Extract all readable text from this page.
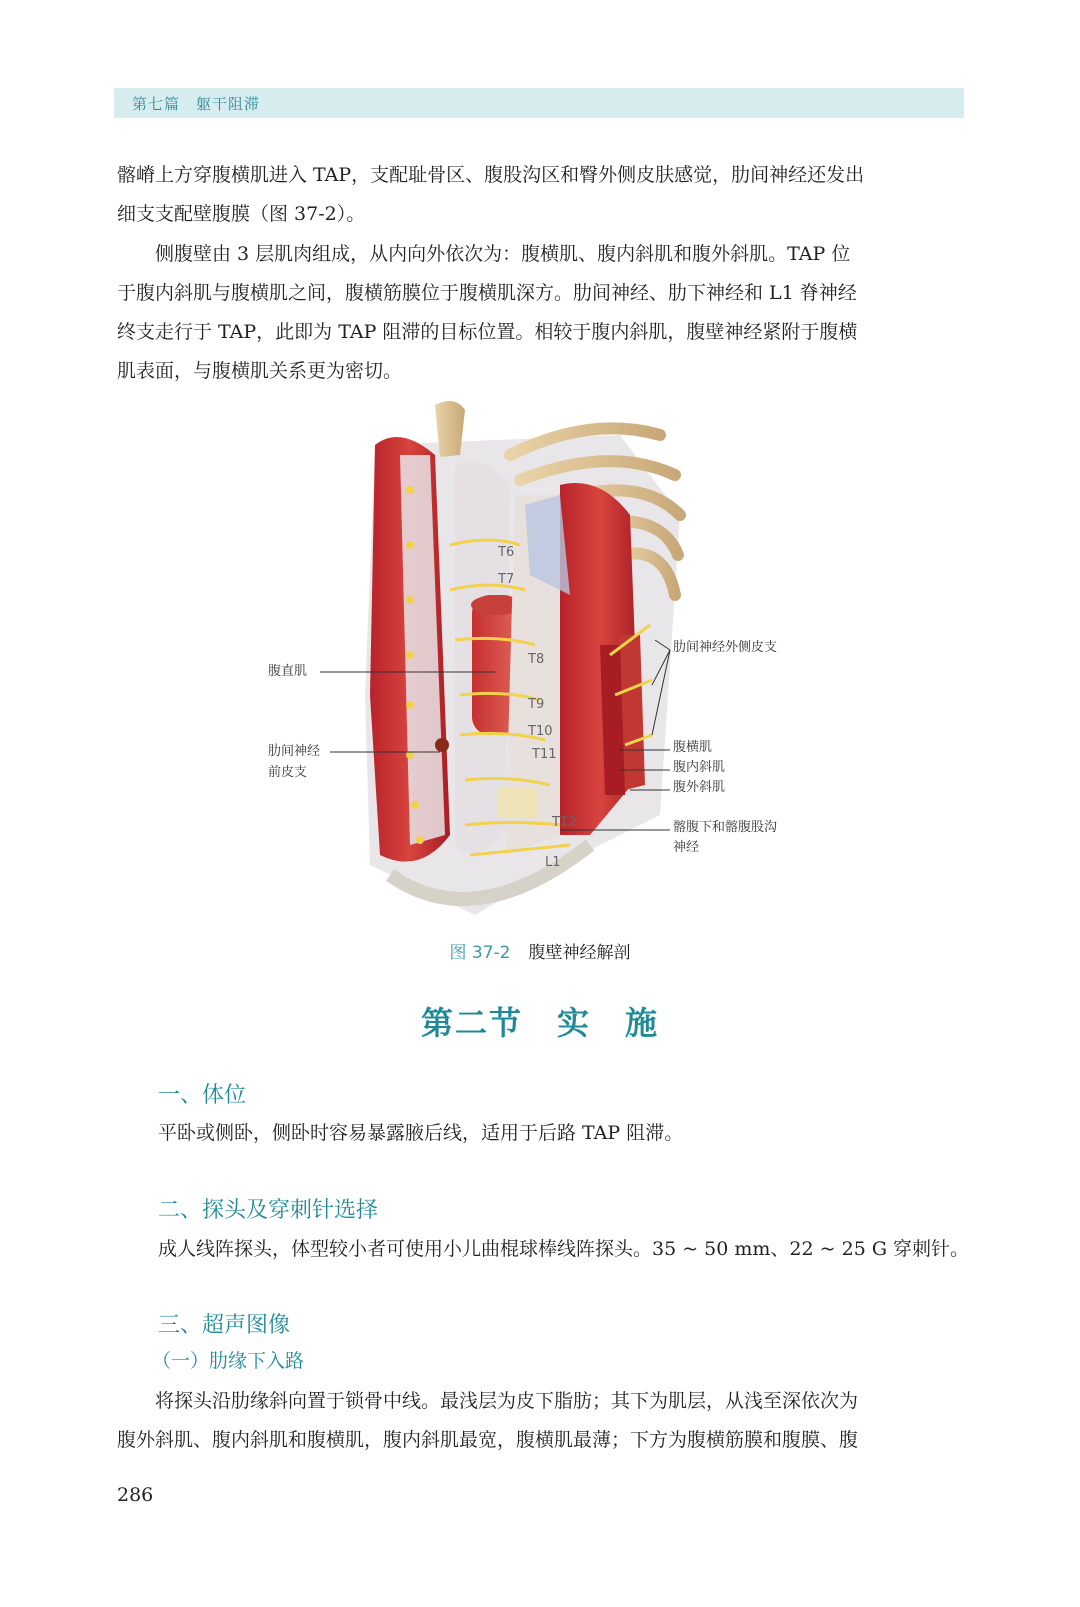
第七篇　躯干阻滞
髂嵴上方穿腹横肌进入 TAP，支配耻骨区、腹股沟区和臀外侧皮肤感觉，肋间神经还发出
细支支配壁腹膜（图 37-2）。
侧腹壁由 3 层肌肉组成，从内向外依次为：腹横肌、腹内斜肌和腹外斜肌。TAP 位
于腹内斜肌与腹横肌之间，腹横筋膜位于腹横肌深方。肋间神经、肋下神经和 L1 脊神经
终支走行于 TAP，此即为 TAP 阻滞的目标位置。相较于腹内斜肌，腹壁神经紧附于腹横
肌表面，与腹横肌关系更为密切。
T6
T7
T8
T9
T10
T11
T12
L1
腹直肌
肋间神经
前皮支
肋间神经外侧皮支
腹横肌
腹内斜肌
腹外斜肌
髂腹下和髂腹股沟
神经
图 37-2 腹壁神经解剖
第二节　实　施
一、体位
平卧或侧卧，侧卧时容易暴露腋后线，适用于后路 TAP 阻滞。
二、探头及穿刺针选择
成人线阵探头，体型较小者可使用小儿曲棍球棒线阵探头。35 ~ 50 mm、22 ~ 25 G 穿刺针。
三、超声图像
（一）肋缘下入路
将探头沿肋缘斜向置于锁骨中线。最浅层为皮下脂肪；其下为肌层，从浅至深依次为
腹外斜肌、腹内斜肌和腹横肌，腹内斜肌最宽，腹横肌最薄；下方为腹横筋膜和腹膜、腹
286
